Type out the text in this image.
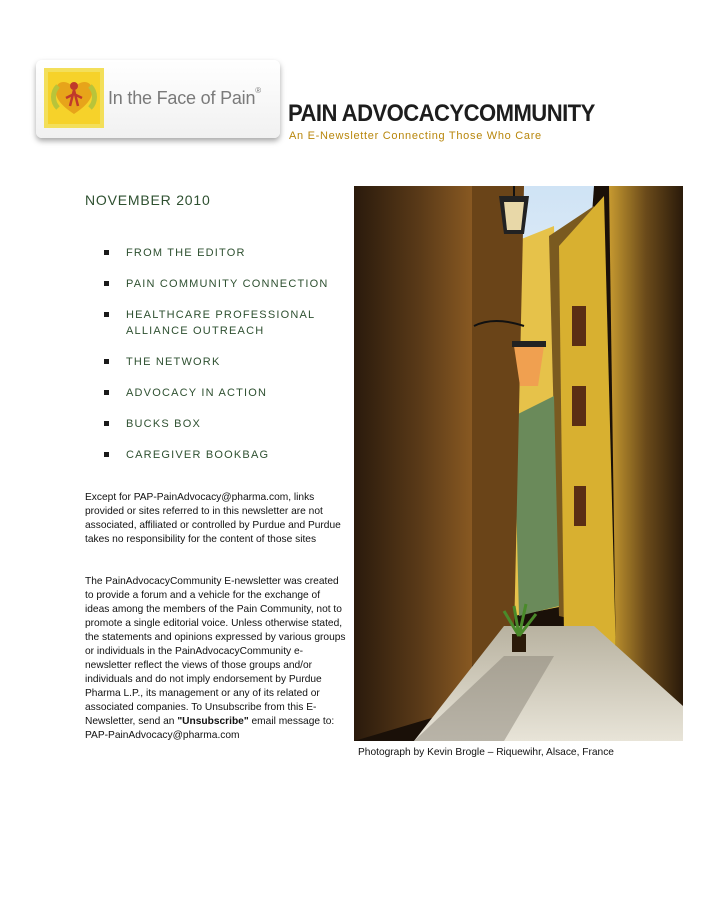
In the Face of Pain®
PAIN ADVOCACYCOMMUNITY
An E-Newsletter Connecting Those Who Care
NOVEMBER 2010
FROM THE EDITOR
PAIN COMMUNITY CONNECTION
HEALTHCARE PROFESSIONAL ALLIANCE OUTREACH
THE NETWORK
ADVOCACY IN ACTION
BUCKS BOX
CAREGIVER BOOKBAG
Except for PAP-PainAdvocacy@pharma.com, links provided or sites referred to in this newsletter are not associated, affiliated or controlled by Purdue and Purdue takes no responsibility for the content of those sites
The PainAdvocacyCommunity E-newsletter was created to provide a forum and a vehicle for the exchange of ideas among the members of the Pain Community, not to promote a single editorial voice. Unless otherwise stated, the statements and opinions expressed by various groups or individuals in the PainAdvocacyCommunity e-newsletter reflect the views of those groups and/or individuals and do not imply endorsement by Purdue Pharma L.P., its management or any of its related or associated companies. To Unsubscribe from this E-Newsletter, send an "Unsubscribe" email message to: PAP-PainAdvocacy@pharma.com
Photograph by Kevin Brogle – Riquewihr, Alsace, France
